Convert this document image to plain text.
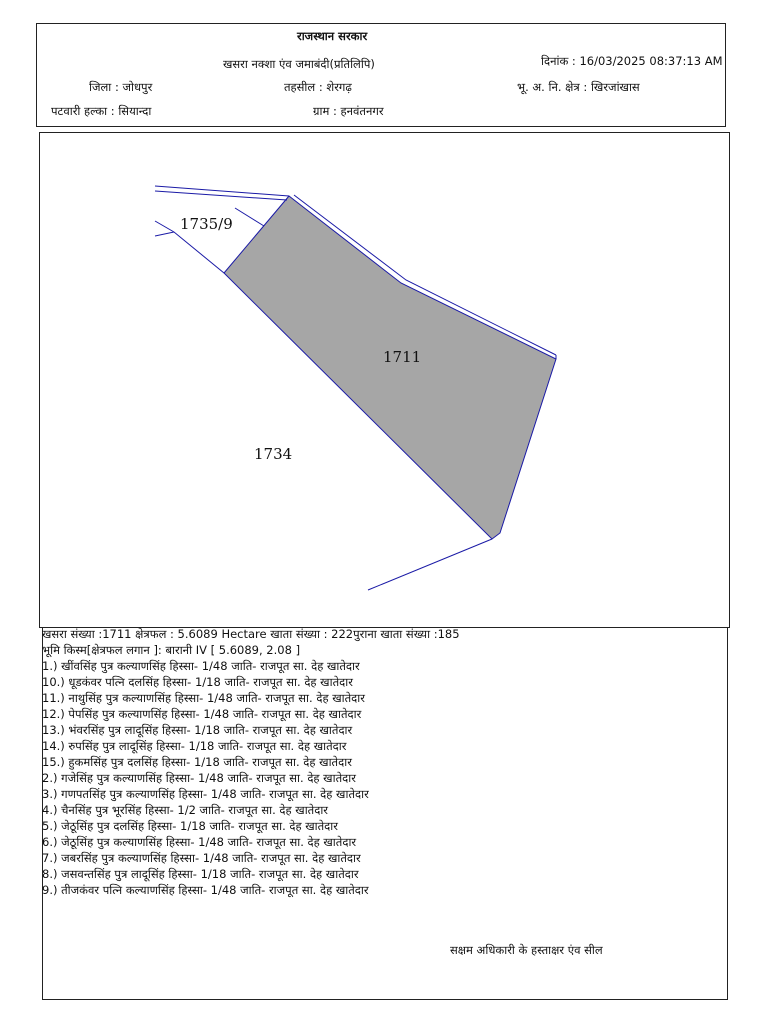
राजस्थान सरकार
खसरा नक्शा एंव जमाबंदी(प्रतिलिपि)	दिनांक : 16/03/2025 08:37:13 AM
जिला : जोधपुर	तहसील : शेरगढ़	भू. अ. नि. क्षेत्र : खिरजांखास
पटवारी हल्का : सियान्दा	ग्राम : हनवंतनगर
1735/9
1711
1734
खसरा संख्या :1711 क्षेत्रफल : 5.6089 Hectare खाता संख्या : 222पुराना खाता संख्या :185
भूमि किस्म[क्षेत्रफल लगान ]: बारानी IV [ 5.6089, 2.08 ]
1.) खींवसिंह पुत्र कल्याणसिंह हिस्सा- 1/48 जाति- राजपूत सा. देह खातेदार
10.) धूडकंवर पत्नि दलसिंह हिस्सा- 1/18 जाति- राजपूत सा. देह खातेदार
11.) नाथुसिंह पुत्र कल्याणसिंह हिस्सा- 1/48 जाति- राजपूत सा. देह खातेदार
12.) पेपसिंह पुत्र कल्याणसिंह हिस्सा- 1/48 जाति- राजपूत सा. देह खातेदार
13.) भंवरसिंह पुत्र लादूसिंह हिस्सा- 1/18 जाति- राजपूत सा. देह खातेदार
14.) रुपसिंह पुत्र लादूसिंह हिस्सा- 1/18 जाति- राजपूत सा. देह खातेदार
15.) हुकमसिंह पुत्र दलसिंह हिस्सा- 1/18 जाति- राजपूत सा. देह खातेदार
2.) गजेसिंह पुत्र कल्याणसिंह हिस्सा- 1/48 जाति- राजपूत सा. देह खातेदार
3.) गणपतसिंह पुत्र कल्याणसिंह हिस्सा- 1/48 जाति- राजपूत सा. देह खातेदार
4.) चैनसिंह पुत्र भूरसिंह हिस्सा- 1/2 जाति- राजपूत सा. देह खातेदार
5.) जेठूसिंह पुत्र दलसिंह हिस्सा- 1/18 जाति- राजपूत सा. देह खातेदार
6.) जेठूसिंह पुत्र कल्याणसिंह हिस्सा- 1/48 जाति- राजपूत सा. देह खातेदार
7.) जबरसिंह पुत्र कल्याणसिंह हिस्सा- 1/48 जाति- राजपूत सा. देह खातेदार
8.) जसवन्तसिंह पुत्र लादूसिंह हिस्सा- 1/18 जाति- राजपूत सा. देह खातेदार
9.) तीजकंवर पत्नि कल्याणसिंह हिस्सा- 1/48 जाति- राजपूत सा. देह खातेदार
सक्षम अधिकारी के हस्ताक्षर एंव सील
